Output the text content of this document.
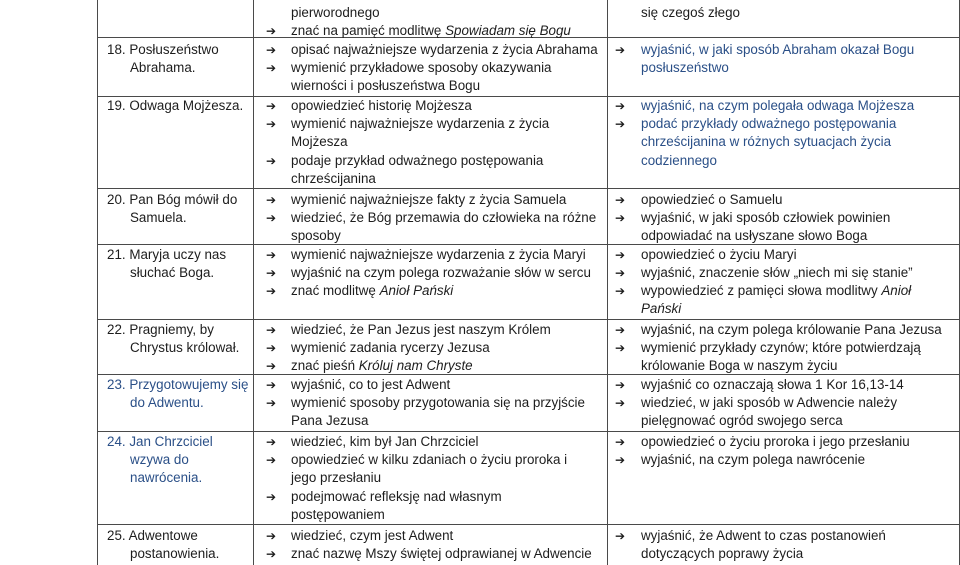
pierworodnego
➔ znać na pamięć modlitwę Spowiadam się Bogu
się czegoś złego
18. Posłuszeństwo
Abrahama.
➔ opisać najważniejsze wydarzenia z życia Abrahama
➔ wymienić przykładowe sposoby okazywania
wierności i posłuszeństwa Bogu
➔ wyjaśnić, w jaki sposób Abraham okazał Bogu
posłuszeństwo
19. Odwaga Mojżesza. ➔ opowiedzieć historię Mojżesza
➔ wymienić najważniejsze wydarzenia z życia
Mojżesza
➔ podaje przykład odważnego postępowania
chrześcijanina
➔ wyjaśnić, na czym polegała odwaga Mojżesza
➔ podać przykłady odważnego postępowania
chrześcijanina w różnych sytuacjach życia
codziennego
20. Pan Bóg mówił do
Samuela.
➔ wymienić najważniejsze fakty z życia Samuela
➔ wiedzieć, że Bóg przemawia do człowieka na różne
sposoby
➔ opowiedzieć o Samuelu
➔ wyjaśnić, w jaki sposób człowiek powinien
odpowiadać na usłyszane słowo Boga
21. Maryja uczy nas
słuchać Boga.
➔ wymienić najważniejsze wydarzenia z życia Maryi
➔ wyjaśnić na czym polega rozważanie słów w sercu
➔ znać modlitwę Anioł Pański
➔ opowiedzieć o życiu Maryi
➔ wyjaśnić, znaczenie słów „niech mi się stanie”
➔ wypowiedzieć z pamięci słowa modlitwy Anioł
Pański
22. Pragniemy, by
Chrystus królował.
➔ wiedzieć, że Pan Jezus jest naszym Królem
➔ wymienić zadania rycerzy Jezusa
➔ znać pieśń Króluj nam Chryste
➔ wyjaśnić, na czym polega królowanie Pana Jezusa
➔ wymienić przykłady czynów; które potwierdzają
królowanie Boga w naszym życiu
23. Przygotowujemy się
do Adwentu.
➔ wyjaśnić, co to jest Adwent
➔ wymienić sposoby przygotowania się na przyjście
Pana Jezusa
➔ wyjaśnić co oznaczają słowa 1 Kor 16,13-14
➔ wiedzieć, w jaki sposób w Adwencie należy
pielęgnować ogród swojego serca
24. Jan Chrzciciel
wzywa do
nawrócenia.
➔ wiedzieć, kim był Jan Chrzciciel
➔ opowiedzieć w kilku zdaniach o życiu proroka i
jego przesłaniu
➔ podejmować refleksję nad własnym
postępowaniem
➔ opowiedzieć o życiu proroka i jego przesłaniu
➔ wyjaśnić, na czym polega nawrócenie
25. Adwentowe
postanowienia.
➔ wiedzieć, czym jest Adwent
➔ znać nazwę Mszy świętej odprawianej w Adwencie
➔ wyjaśnić, że Adwent to czas postanowień
dotyczących poprawy życia
